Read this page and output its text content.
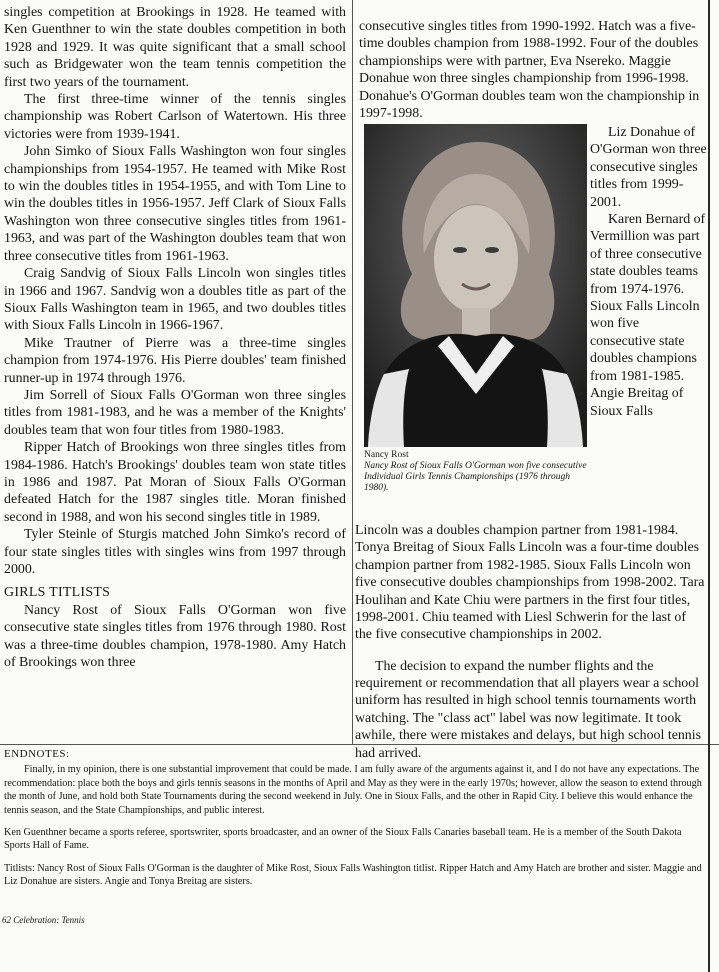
singles competition at Brookings in 1928. He teamed with Ken Guenthner to win the state doubles competition in both 1928 and 1929. It was quite significant that a small school such as Bridgewater won the team tennis competition the first two years of the tournament.

The first three-time winner of the tennis singles championship was Robert Carlson of Watertown. His three victories were from 1939-1941.

John Simko of Sioux Falls Washington won four singles championships from 1954-1957. He teamed with Mike Rost to win the doubles titles in 1954-1955, and with Tom Line to win the doubles titles in 1956-1957. Jeff Clark of Sioux Falls Washington won three consecutive singles titles from 1961-1963, and was part of the Washington doubles team that won three consecutive titles from 1961-1963.

Craig Sandvig of Sioux Falls Lincoln won singles titles in 1966 and 1967. Sandvig won a doubles title as part of the Sioux Falls Washington team in 1965, and two doubles titles with Sioux Falls Lincoln in 1966-1967.

Mike Trautner of Pierre was a three-time singles champion from 1974-1976. His Pierre doubles' team finished runner-up in 1974 through 1976.

Jim Sorrell of Sioux Falls O'Gorman won three singles titles from 1981-1983, and he was a member of the Knights' doubles team that won four titles from 1980-1983.

Ripper Hatch of Brookings won three singles titles from 1984-1986. Hatch's Brookings' doubles team won state titles in 1986 and 1987. Pat Moran of Sioux Falls O'Gorman defeated Hatch for the 1987 singles title. Moran finished second in 1988, and won his second singles title in 1989.

Tyler Steinle of Sturgis matched John Simko's record of four state singles titles with singles wins from 1997 through 2000.

GIRLS TITLISTS

Nancy Rost of Sioux Falls O'Gorman won five consecutive state singles titles from 1976 through 1980. Rost was a three-time doubles champion, 1978-1980. Amy Hatch of Brookings won three

consecutive singles titles from 1990-1992. Hatch was a five-time doubles champion from 1988-1992. Four of the doubles championships were with partner, Eva Nsereko. Maggie Donahue won three singles championship from 1996-1998. Donahue's O'Gorman doubles team won the championship in 1997-1998.

Nancy Rost
Nancy Rost of Sioux Falls O'Gorman won five consecutive Individual Girls Tennis Championships (1976 through 1980).

Liz Donahue of O'Gorman won three consecutive singles titles from 1999-2001.

Karen Bernard of Vermillion was part of three consecutive state doubles teams from 1974-1976. Sioux Falls Lincoln won five consecutive state doubles champions from 1981-1985. Angie Breitag of Sioux Falls

Lincoln was a doubles champion partner from 1981-1984. Tonya Breitag of Sioux Falls Lincoln was a four-time doubles champion partner from 1982-1985. Sioux Falls Lincoln won five consecutive doubles championships from 1998-2002. Tara Houlihan and Kate Chiu were partners in the first four titles, 1998-2001. Chiu teamed with Liesl Schwerin for the last of the five consecutive championships in 2002.

The decision to expand the number flights and the requirement or recommendation that all players wear a school uniform has resulted in high school tennis tournaments worth watching. The "class act" label was now legitimate. It took awhile, there were mistakes and delays, but high school tennis had arrived.

ENDNOTES:

Finally, in my opinion, there is one substantial improvement that could be made. I am fully aware of the arguments against it, and I do not have any expectations. The recommendation: place both the boys and girls tennis seasons in the months of April and May as they were in the early 1970s; however, allow the season to extend through the month of June, and hold both State Tournaments during the second weekend in July. One in Sioux Falls, and the other in Rapid City. I believe this would enhance the tennis season, and the State Championships, and public interest.

Ken Guenthner became a sports referee, sportswriter, sports broadcaster, and an owner of the Sioux Falls Canaries baseball team. He is a member of the South Dakota Sports Hall of Fame.

Titlists: Nancy Rost of Sioux Falls O'Gorman is the daughter of Mike Rost, Sioux Falls Washington titlist. Ripper Hatch and Amy Hatch are brother and sister. Maggie and Liz Donahue are sisters. Angie and Tonya Breitag are sisters.

62 Celebration: Tennis
